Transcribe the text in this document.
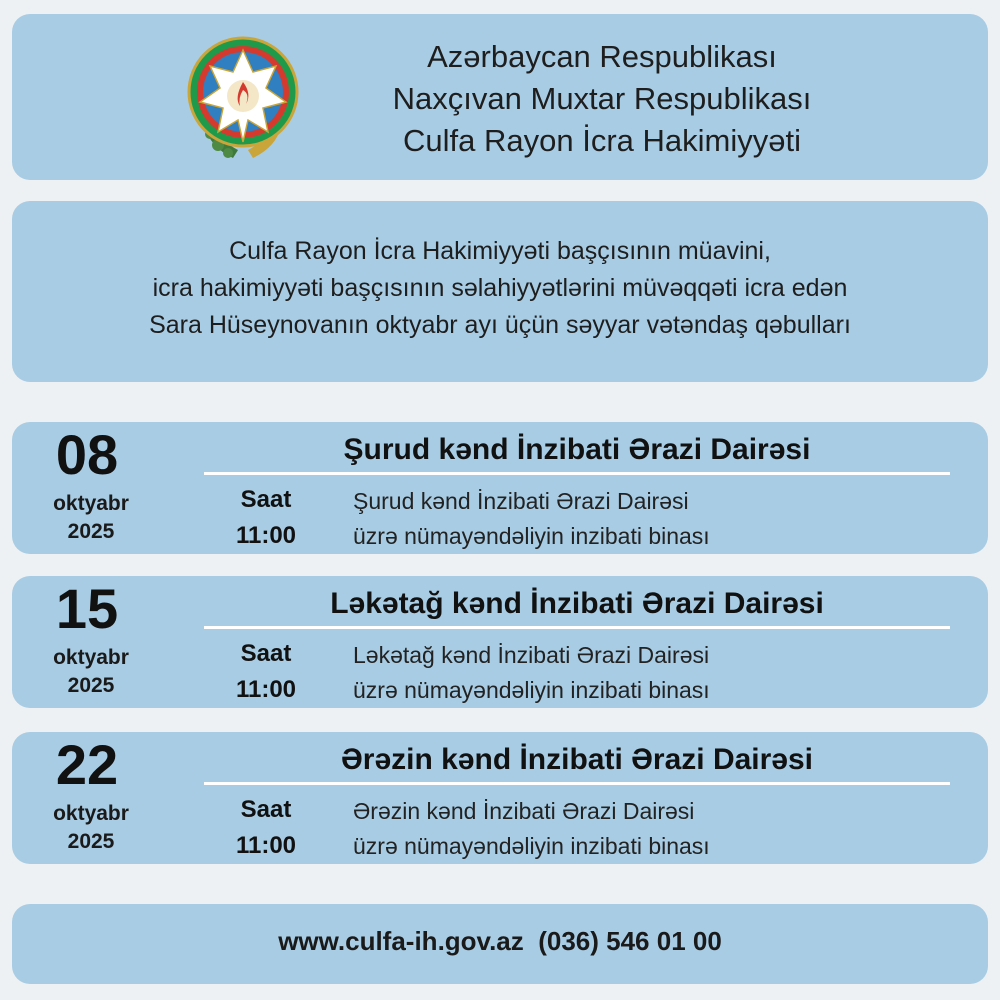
Azərbaycan Respublikası
Naxçıvan Muxtar Respublikası
Culfa Rayon İcra Hakimiyyəti
Culfa Rayon İcra Hakimiyyəti başçısının müavini,
icra hakimiyyəti başçısının səlahiyyətlərini müvəqqəti icra edən
Sara Hüseynovanın oktyabr ayı üçün səyyar vətəndaş qəbulları
08
oktyabr
2025
Şurud kənd İnzibati Ərazi Dairəsi
Saat
11:00
Şurud kənd İnzibati Ərazi Dairəsi
üzrə nümayəndəliyin inzibati binası
15
oktyabr
2025
Ləkətağ kənd İnzibati Ərazi Dairəsi
Saat
11:00
Ləkətağ kənd İnzibati Ərazi Dairəsi
üzrə nümayəndəliyin inzibati binası
22
oktyabr
2025
Ərəzin kənd İnzibati Ərazi Dairəsi
Saat
11:00
Ərəzin kənd İnzibati Ərazi Dairəsi
üzrə nümayəndəliyin inzibati binası
www.culfa-ih.gov.az (036) 546 01 00
